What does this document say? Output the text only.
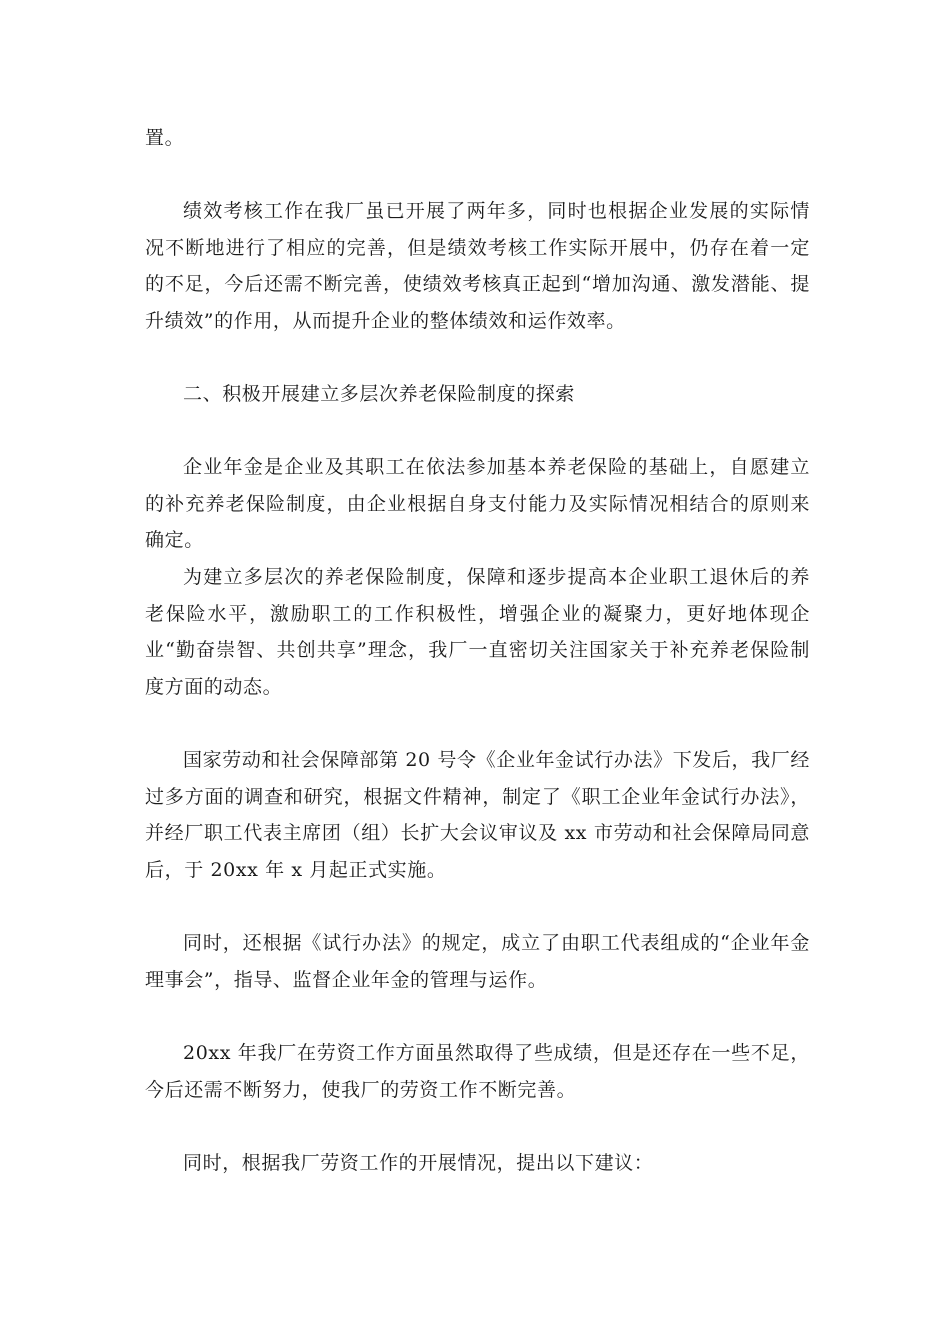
置。

绩效考核工作在我厂虽已开展了两年多，同时也根据企业发展的实际情况不断地进行了相应的完善，但是绩效考核工作实际开展中，仍存在着一定的不足，今后还需不断完善，使绩效考核真正起到“增加沟通、激发潜能、提升绩效”的作用，从而提升企业的整体绩效和运作效率。

二、积极开展建立多层次养老保险制度的探索

企业年金是企业及其职工在依法参加基本养老保险的基础上，自愿建立的补充养老保险制度，由企业根据自身支付能力及实际情况相结合的原则来确定。

为建立多层次的养老保险制度，保障和逐步提高本企业职工退休后的养老保险水平，激励职工的工作积极性，增强企业的凝聚力，更好地体现企业“勤奋崇智、共创共享”理念，我厂一直密切关注国家关于补充养老保险制度方面的动态。

国家劳动和社会保障部第 20 号令《企业年金试行办法》下发后，我厂经过多方面的调查和研究，根据文件精神，制定了《职工企业年金试行办法》，并经厂职工代表主席团（组）长扩大会议审议及 xx 市劳动和社会保障局同意后，于 20xx 年 x 月起正式实施。

同时，还根据《试行办法》的规定，成立了由职工代表组成的“企业年金理事会”，指导、监督企业年金的管理与运作。

20xx 年我厂在劳资工作方面虽然取得了些成绩，但是还存在一些不足，今后还需不断努力，使我厂的劳资工作不断完善。

同时，根据我厂劳资工作的开展情况，提出以下建议：
